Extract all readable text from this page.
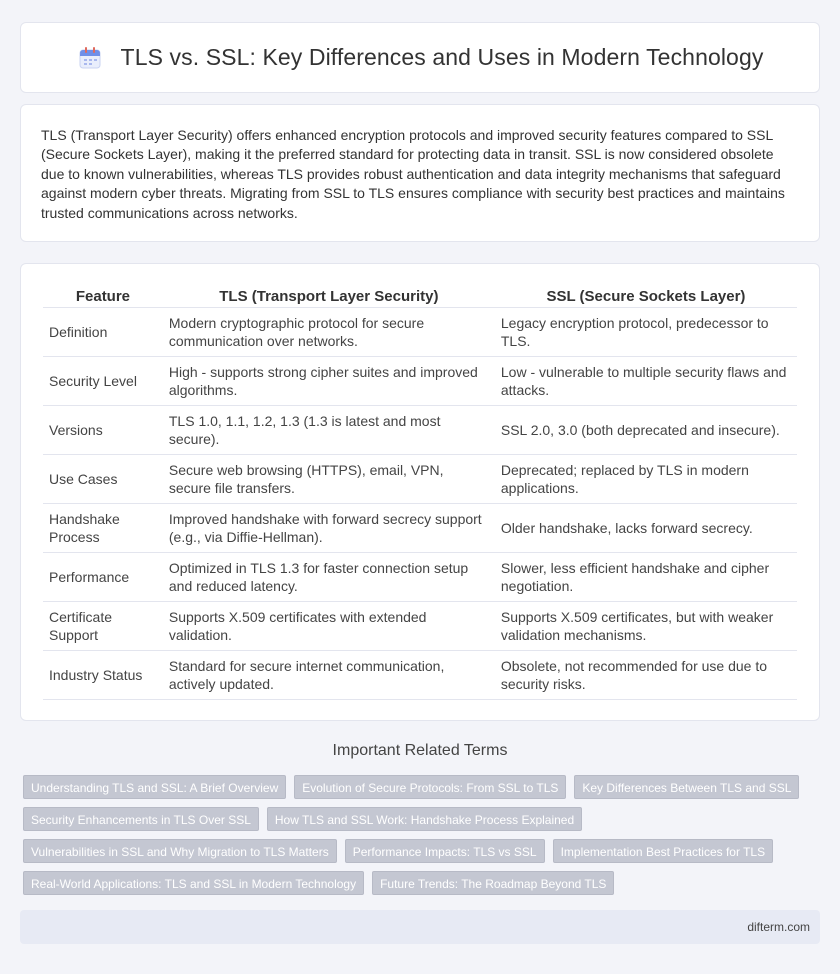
TLS vs. SSL: Key Differences and Uses in Modern Technology

TLS (Transport Layer Security) offers enhanced encryption protocols and improved security features compared to SSL (Secure Sockets Layer), making it the preferred standard for protecting data in transit. SSL is now considered obsolete due to known vulnerabilities, whereas TLS provides robust authentication and data integrity mechanisms that safeguard against modern cyber threats. Migrating from SSL to TLS ensures compliance with security best practices and maintains trusted communications across networks.

Feature	TLS (Transport Layer Security)	SSL (Secure Sockets Layer)
Definition	Modern cryptographic protocol for secure communication over networks.	Legacy encryption protocol, predecessor to TLS.
Security Level	High - supports strong cipher suites and improved algorithms.	Low - vulnerable to multiple security flaws and attacks.
Versions	TLS 1.0, 1.1, 1.2, 1.3 (1.3 is latest and most secure).	SSL 2.0, 3.0 (both deprecated and insecure).
Use Cases	Secure web browsing (HTTPS), email, VPN, secure file transfers.	Deprecated; replaced by TLS in modern applications.
Handshake Process	Improved handshake with forward secrecy support (e.g., via Diffie-Hellman).	Older handshake, lacks forward secrecy.
Performance	Optimized in TLS 1.3 for faster connection setup and reduced latency.	Slower, less efficient handshake and cipher negotiation.
Certificate Support	Supports X.509 certificates with extended validation.	Supports X.509 certificates, but with weaker validation mechanisms.
Industry Status	Standard for secure internet communication, actively updated.	Obsolete, not recommended for use due to security risks.
Important Related Terms
Understanding TLS and SSL: A Brief Overview	Evolution of Secure Protocols: From SSL to TLS	Key Differences Between TLS and SSL
Security Enhancements in TLS Over SSL	How TLS and SSL Work: Handshake Process Explained
Vulnerabilities in SSL and Why Migration to TLS Matters	Performance Impacts: TLS vs SSL	Implementation Best Practices for TLS
Real-World Applications: TLS and SSL in Modern Technology	Future Trends: The Roadmap Beyond TLS
difterm.com
